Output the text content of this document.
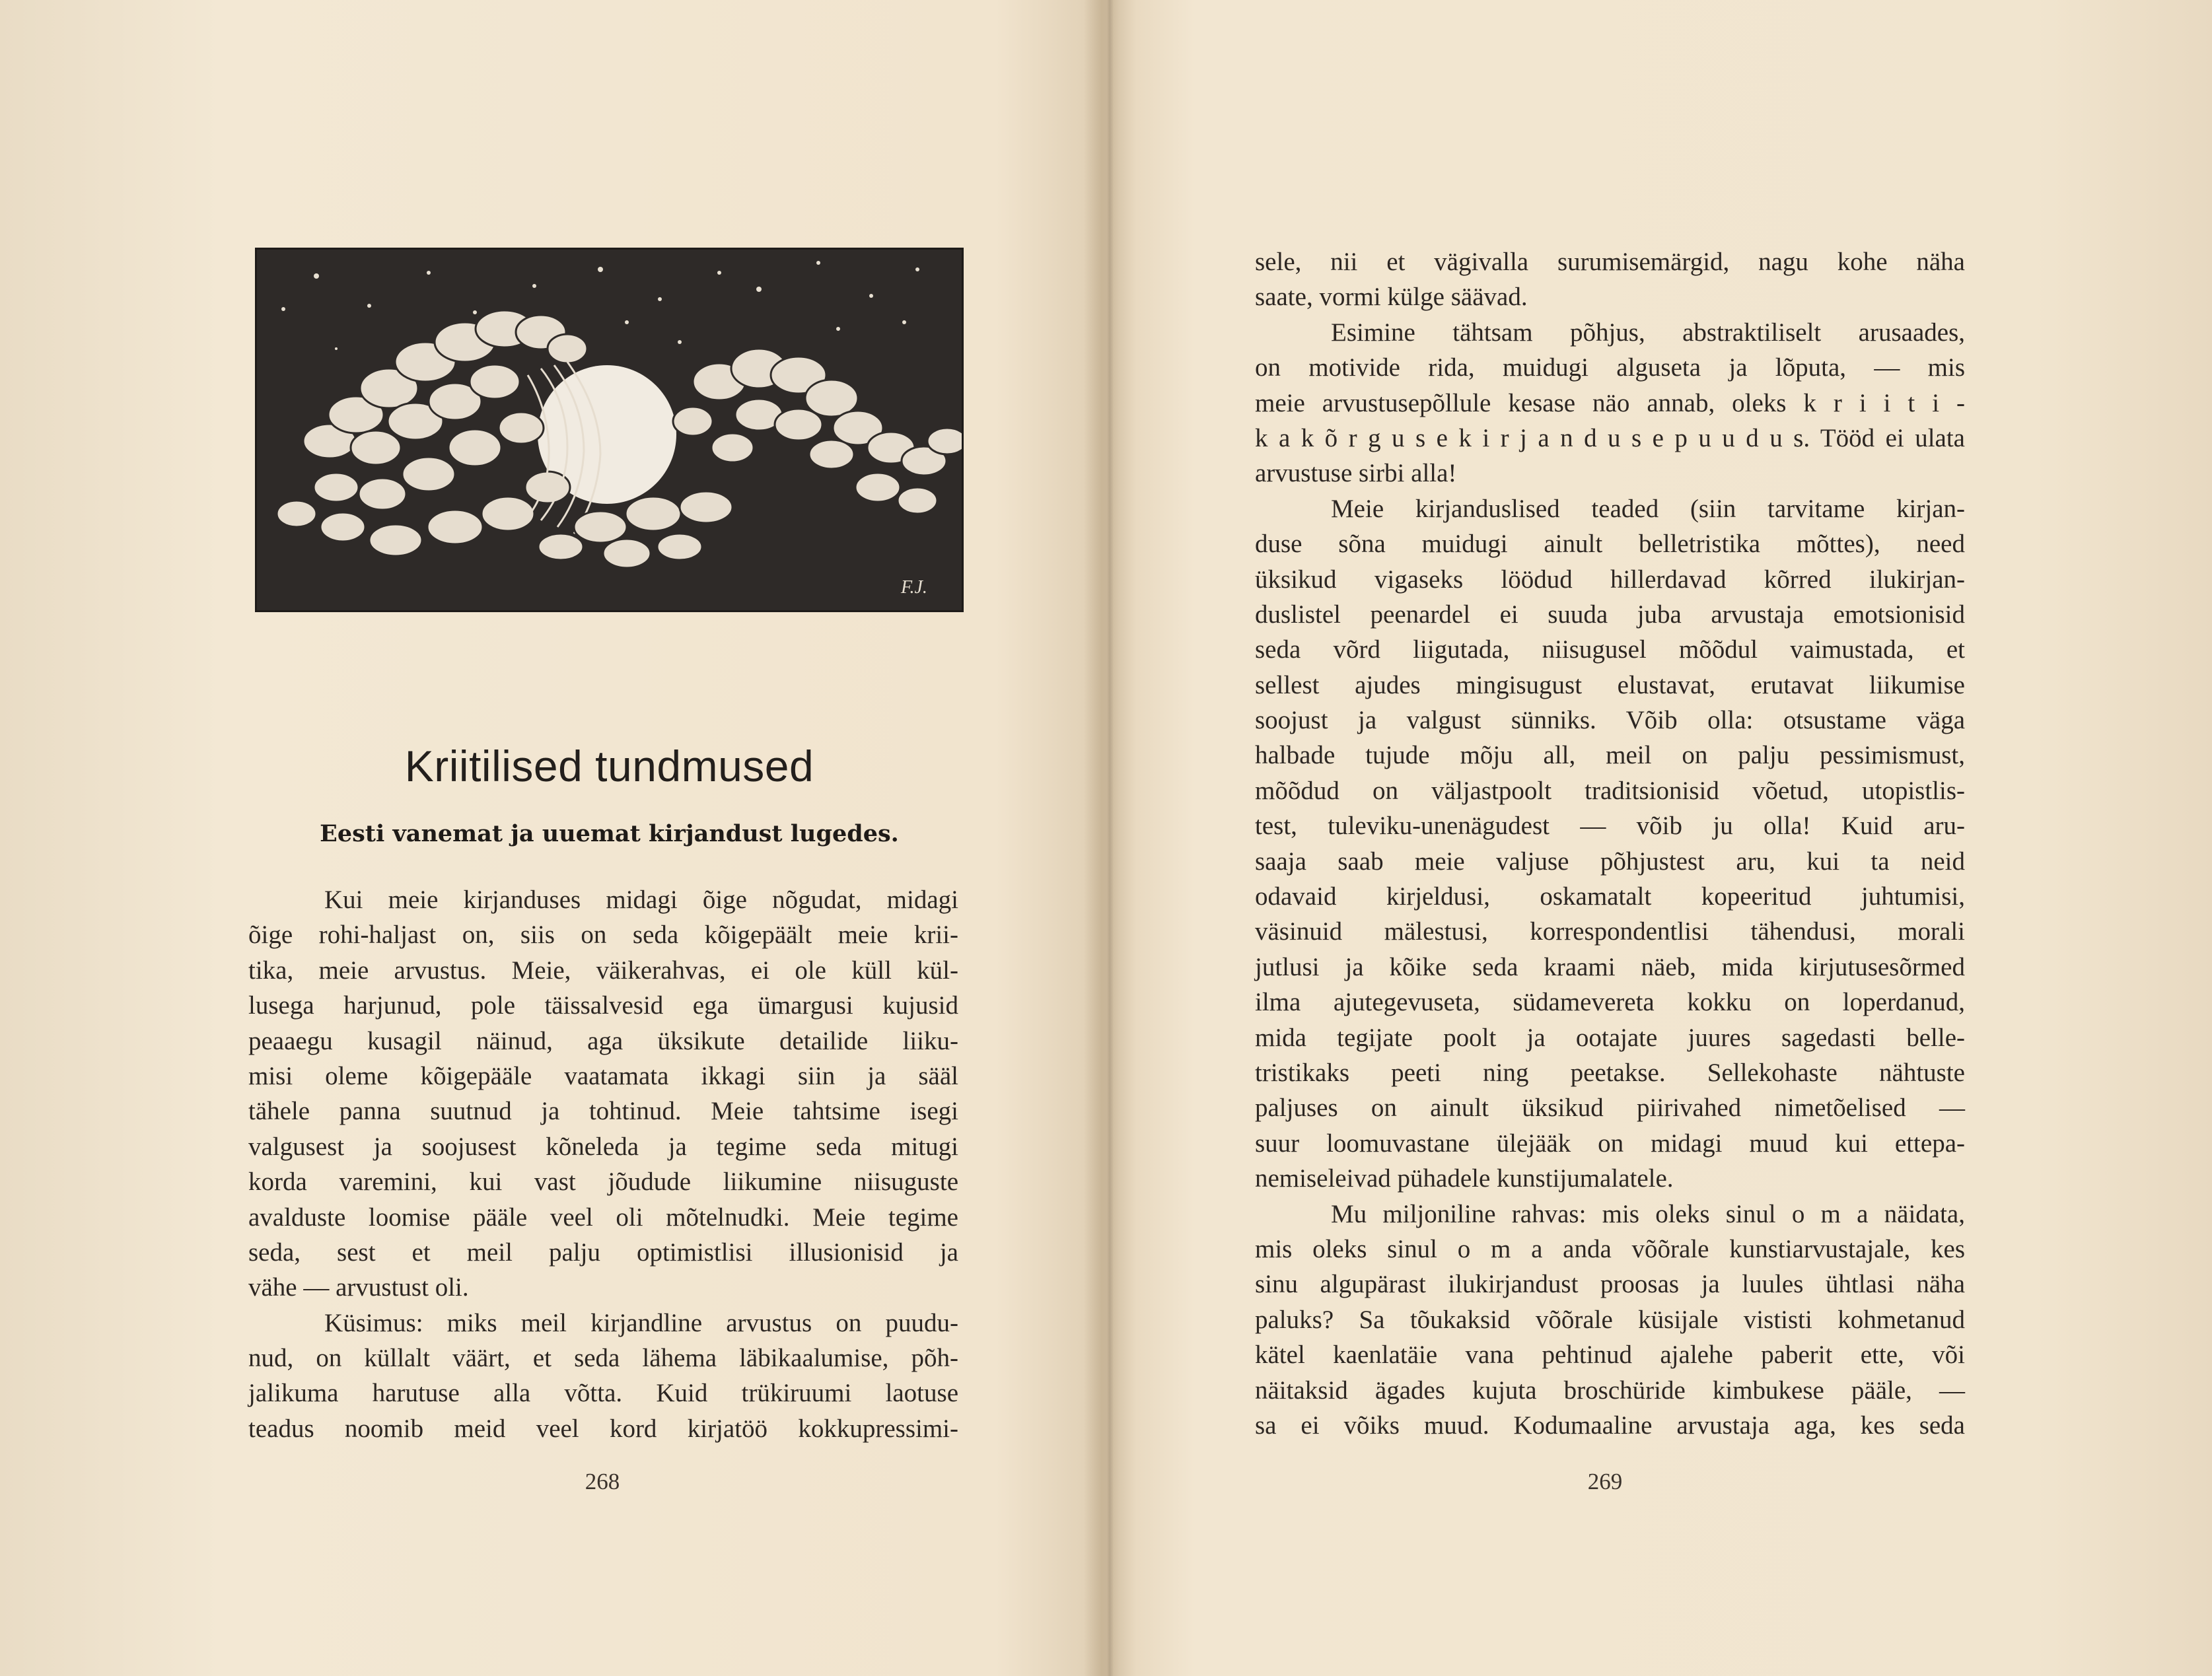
F.J.
Kriitilised tundmused
Eesti vanemat ja uuemat kirjandust lugedes.
Kui meie kirjanduses midagi õige nõgudat, midagi
õige rohi-haljast on, siis on seda kõigepäält meie krii-
tika, meie arvustus. Meie, väikerahvas, ei ole küll kül-
lusega harjunud, pole täissalvesid ega ümargusi kujusid
peaaegu kusagil näinud, aga üksikute detailide liiku-
misi oleme kõigepääle vaatamata ikkagi siin ja sääl
tähele panna suutnud ja tohtinud. Meie tahtsime isegi
valgusest ja soojusest kõneleda ja tegime seda mitugi
korda varemini, kui vast jõudude liikumine niisuguste
avalduste loomise pääle veel oli mõtelnudki. Meie tegime
seda, sest et meil palju optimistlisi illusionisid ja
vähe — arvustust oli.
Küsimus: miks meil kirjandline arvustus on puudu-
nud, on küllalt väärt, et seda lähema läbikaalumise, põh-
jalikuma harutuse alla võtta. Kuid trükiruumi laotuse
teadus noomib meid veel kord kirjatöö kokkupressimi-
268
sele, nii et vägivalla surumisemärgid, nagu kohe näha
saate, vormi külge säävad.
Esimine tähtsam põhjus, abstraktiliselt arusaades,
on motivide rida, muidugi alguseta ja lõputa, — mis
meie arvustusepõllule kesase näo annab, oleks k r i i t i -
k a k õ r g u s e k i r j a n d u s e p u u d u s. Tööd ei ulata
arvustuse sirbi alla!
Meie kirjanduslised teaded (siin tarvitame kirjan-
duse sõna muidugi ainult belletristika mõttes), need
üksikud vigaseks löödud hillerdavad kõrred ilukirjan-
duslistel peenardel ei suuda juba arvustaja emotsionisid
seda võrd liigutada, niisugusel mõõdul vaimustada, et
sellest ajudes mingisugust elustavat, erutavat liikumise
soojust ja valgust sünniks. Võib olla: otsustame väga
halbade tujude mõju all, meil on palju pessimismust,
mõõdud on väljastpoolt traditsionisid võetud, utopistlis-
test, tuleviku-unenägudest — võib ju olla! Kuid aru-
saaja saab meie valjuse põhjustest aru, kui ta neid
odavaid kirjeldusi, oskamatalt kopeeritud juhtumisi,
väsinuid mälestusi, korrespondentlisi tähendusi, morali
jutlusi ja kõike seda kraami näeb, mida kirjutusesõrmed
ilma ajutegevuseta, südamevereta kokku on loperdanud,
mida tegijate poolt ja ootajate juures sagedasti belle-
tristikaks peeti ning peetakse. Sellekohaste nähtuste
paljuses on ainult üksikud piirivahed nimetõelised —
suur loomuvastane ülejääk on midagi muud kui ettepa-
nemiseleivad pühadele kunstijumalatele.
Mu miljoniline rahvas: mis oleks sinul o m a näidata,
mis oleks sinul o m a anda võõrale kunstiarvustajale, kes
sinu algupärast ilukirjandust proosas ja luules ühtlasi näha
paluks? Sa tõukaksid võõrale küsijale vististi kohmetanud
kätel kaenlatäie vana pehtinud ajalehe paberit ette, või
näitaksid ägades kujuta broschüride kimbukese pääle, —
sa ei võiks muud. Kodumaaline arvustaja aga, kes seda
269
